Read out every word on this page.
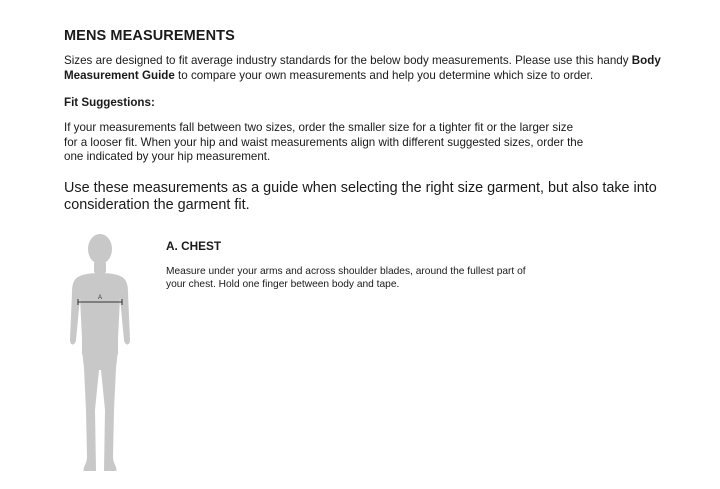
MENS MEASUREMENTS

Sizes are designed to fit average industry standards for the below body measurements. Please use this handy Body Measurement Guide to compare your own measurements and help you determine which size to order.

Fit Suggestions:

If your measurements fall between two sizes, order the smaller size for a tighter fit or the larger size for a looser fit. When your hip and waist measurements align with different suggested sizes, order the one indicated by your hip measurement.

Use these measurements as a guide when selecting the right size garment, but also take into consideration the garment fit.

A
A. CHEST

Measure under your arms and across shoulder blades, around the fullest part of your chest. Hold one finger between body and tape.
